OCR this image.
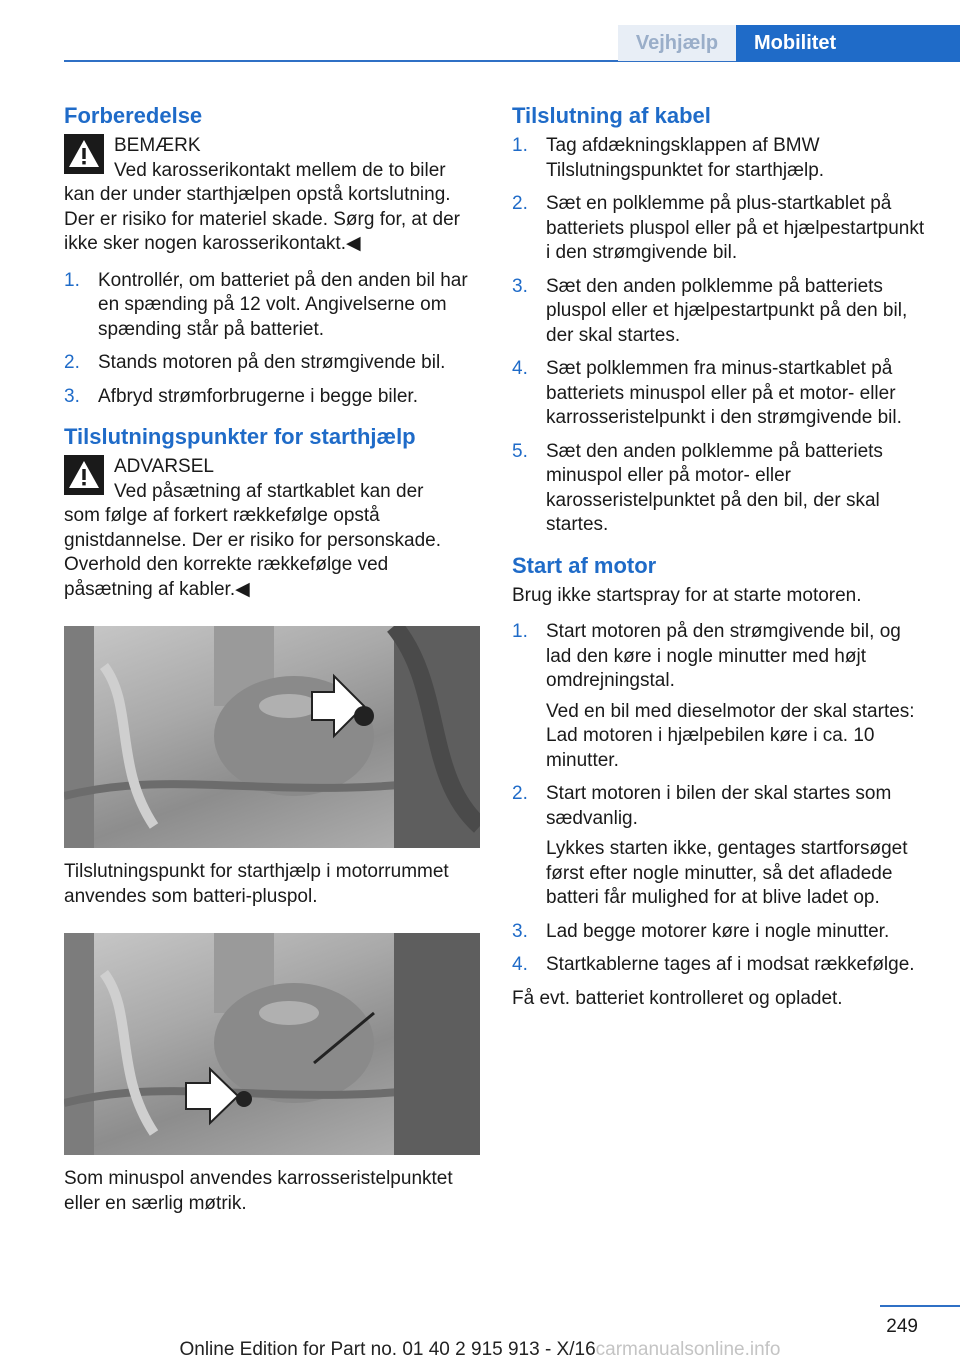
Vejhjælp	Mobilitet
Forberedelse
BEMÆRK
Ved karosserikontakt mellem de to biler
kan der under starthjælpen opstå kortslutning. Der er risiko for materiel skade. Sørg for, at der ikke sker nogen karosserikontakt.◀
1. Kontrollér, om batteriet på den anden bil har en spænding på 12 volt. Angivelserne om spænding står på batteriet.
2. Stands motoren på den strømgivende bil.
3. Afbryd strømforbrugerne i begge biler.
Tilslutningspunkter for starthjælp
ADVARSEL
Ved påsætning af startkablet kan der
som følge af forkert rækkefølge opstå gnistdannelse. Der er risiko for personskade. Overhold den korrekte rækkefølge ved påsætning af kabler.◀

Tilslutningspunkt for starthjælp i motorrummet anvendes som batteri-pluspol.

Som minuspol anvendes karrosseristelpunktet eller en særlig møtrik.

Tilslutning af kabel
1. Tag afdækningsklappen af BMW Tilslutningspunktet for starthjælp.
2. Sæt en polklemme på plus-startkablet på batteriets pluspol eller på et hjælpestartpunkt i den strømgivende bil.
3. Sæt den anden polklemme på batteriets pluspol eller et hjælpestartpunkt på den bil, der skal startes.
4. Sæt polklemmen fra minus-startkablet på batteriets minuspol eller på et motor- eller karrosseristelpunkt i den strømgivende bil.
5. Sæt den anden polklemme på batteriets minuspol eller på motor- eller karosseristelpunktet på den bil, der skal startes.
Start af motor

Brug ikke startspray for at starte motoren.

1. Start motoren på den strømgivende bil, og lad den køre i nogle minutter med højt omdrejningstal.
Ved en bil med dieselmotor der skal startes: Lad motoren i hjælpebilen køre i ca. 10 minutter.
2. Start motoren i bilen der skal startes som sædvanlig.
Lykkes starten ikke, gentages startforsøget først efter nogle minutter, så det afladede batteri får mulighed for at blive ladet op.
3. Lad begge motorer køre i nogle minutter.
4. Startkablerne tages af i modsat rækkefølge.

Få evt. batteriet kontrolleret og opladet.

249
Online Edition for Part no. 01 40 2 915 913 - X/16carmanualsonline.info
